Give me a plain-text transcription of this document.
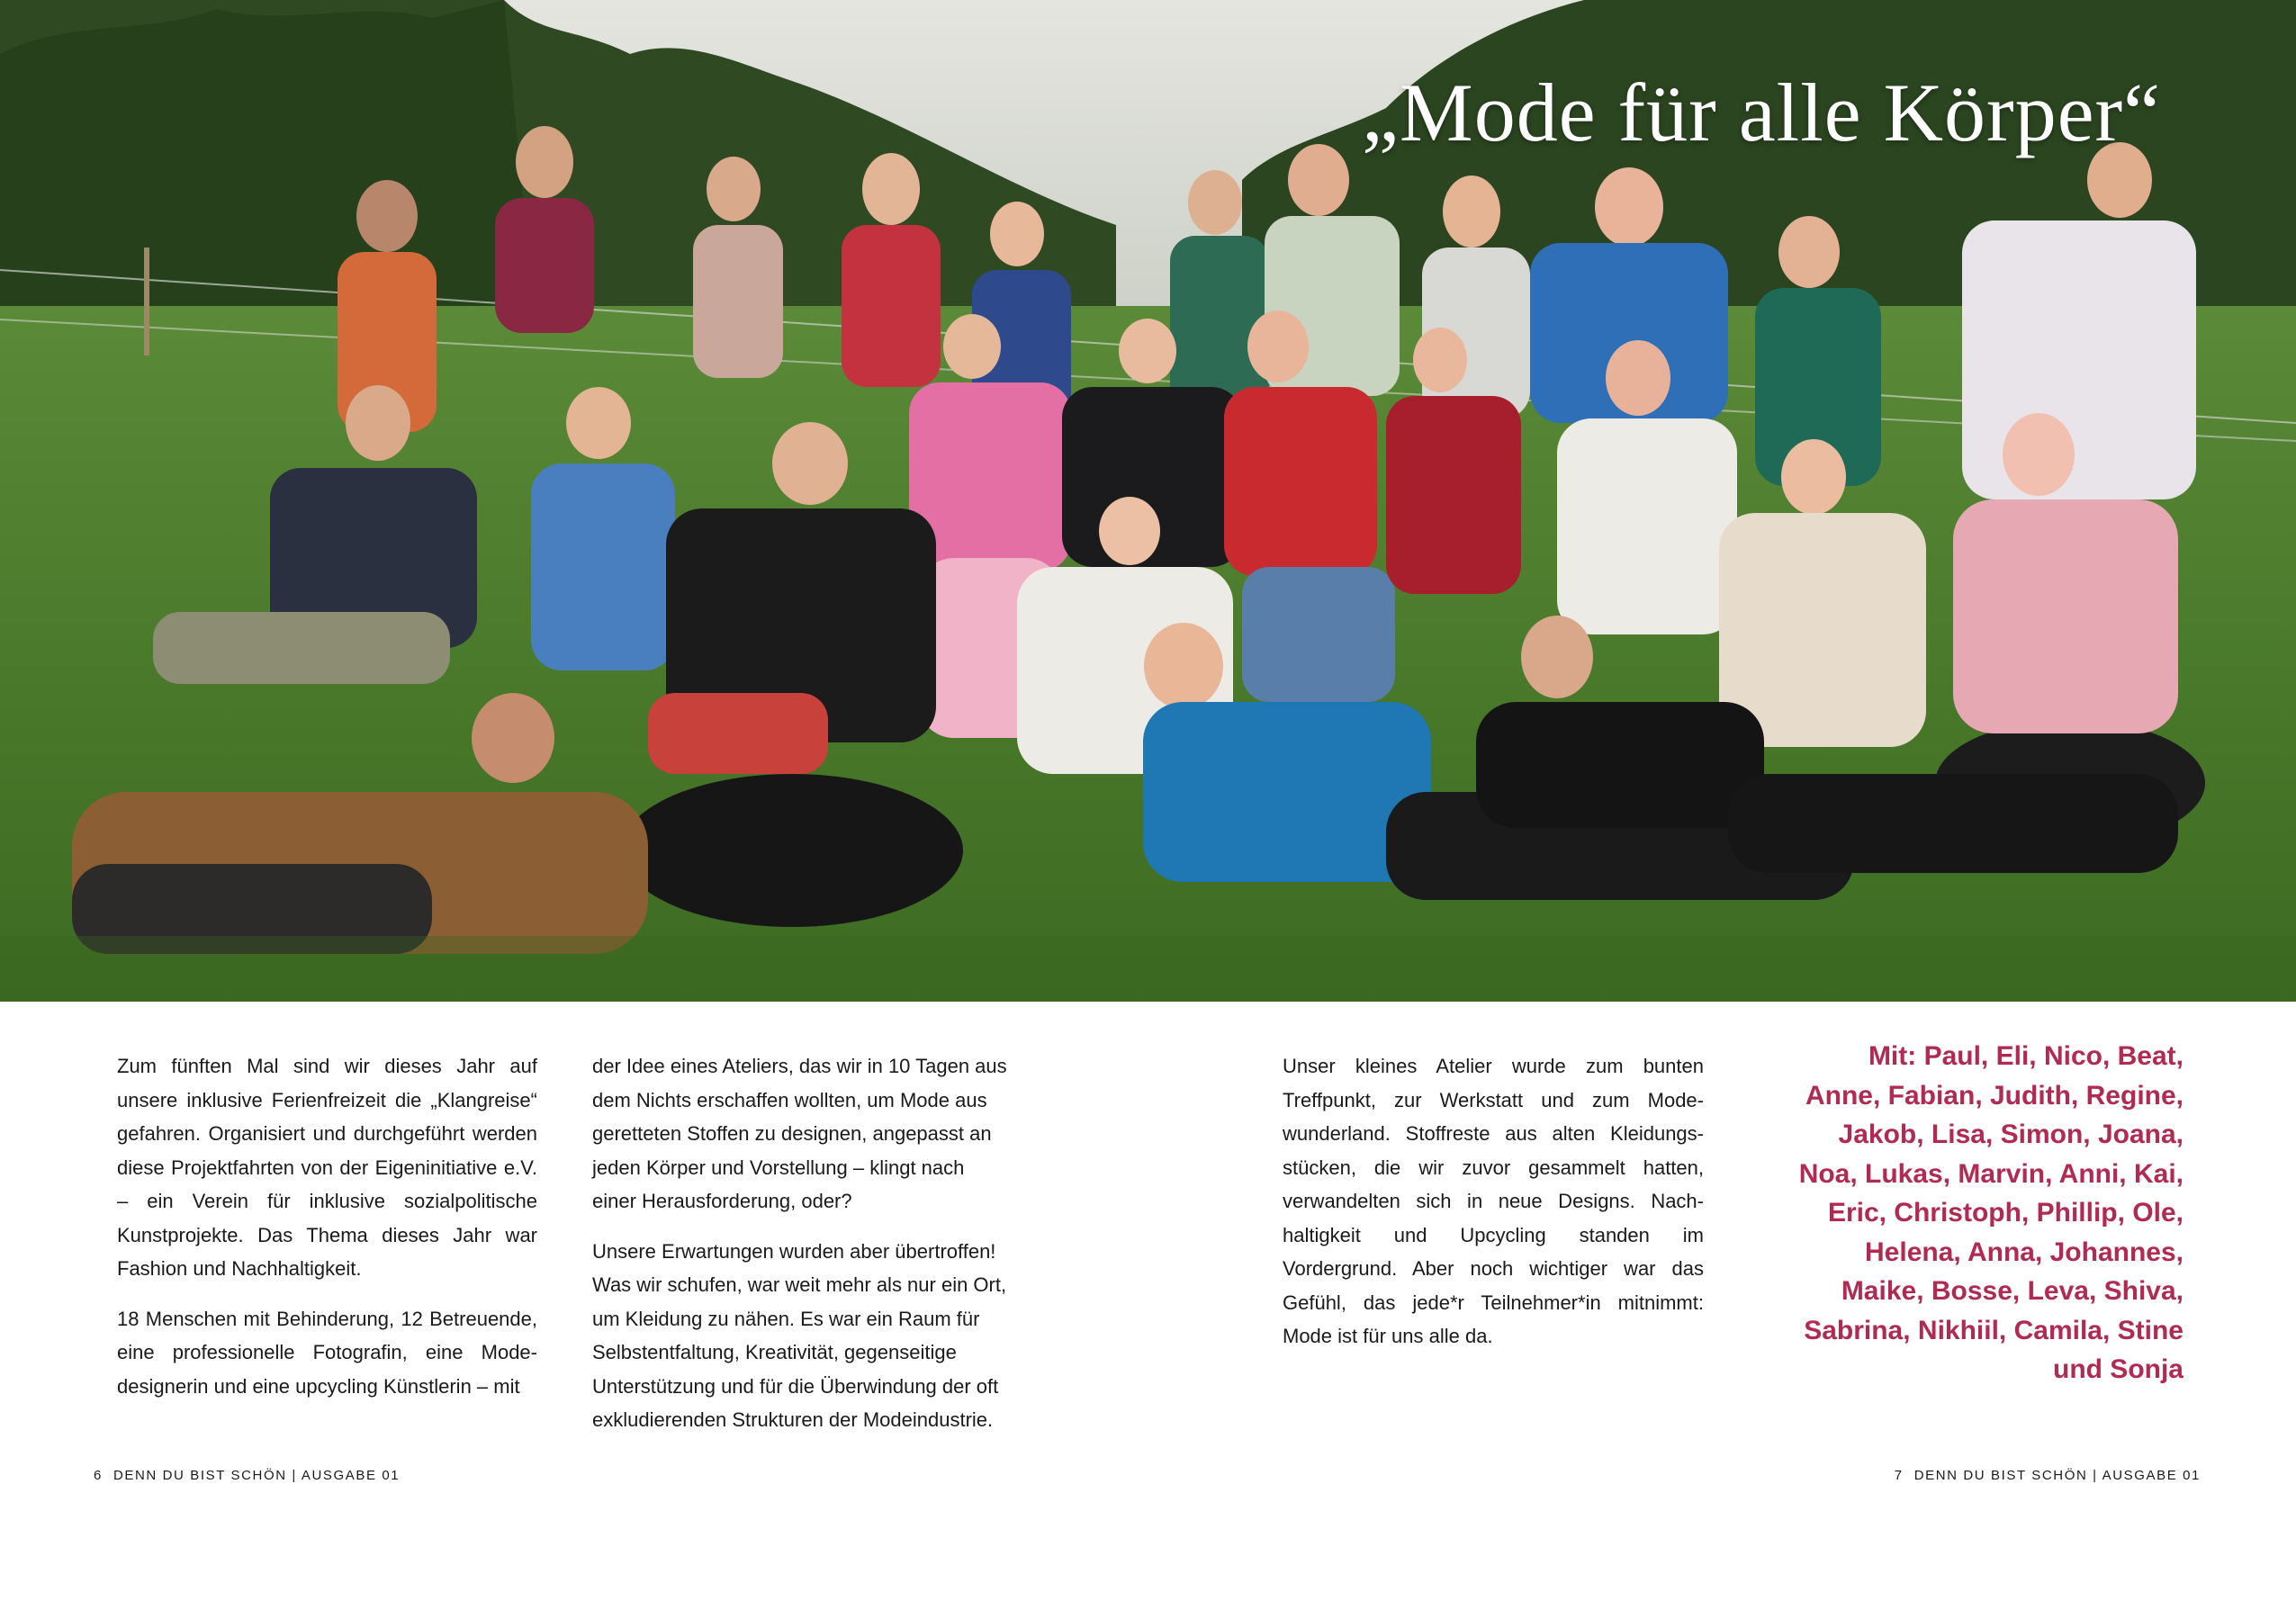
„Mode für alle Körper“

Zum fünften Mal sind wir dieses Jahr auf unsere inklusive Ferienfreizeit die „Klangreise“ gefahren. Organisiert und durchgeführt werden diese Projektfahrten von der Eigeninitiative e.V. – ein Verein für inklusive sozialpolitische Kunstprojekte. Das Thema dieses Jahr war Fashion und Nachhaltigkeit.

18 Menschen mit Behinderung, 12 Betreuende, eine professionelle Fotografin, eine Mode-designerin und eine upcycling Künstlerin – mit

der Idee eines Ateliers, das wir in 10 Tagen aus dem Nichts erschaffen wollten, um Mode aus geretteten Stoffen zu designen, angepasst an jeden Körper und Vorstellung – klingt nach einer Herausforderung, oder?

Unsere Erwartungen wurden aber übertroffen! Was wir schufen, war weit mehr als nur ein Ort, um Kleidung zu nähen. Es war ein Raum für Selbstentfaltung, Kreativität, gegenseitige Unterstützung und für die Überwindung der oft exkludierenden Strukturen der Modeindustrie.

Unser kleines Atelier wurde zum bunten Treffpunkt, zur Werkstatt und zum Mode-wunderland. Stoffreste aus alten Kleidungs-stücken, die wir zuvor gesammelt hatten, verwandelten sich in neue Designs. Nach-haltigkeit und Upcycling standen im Vordergrund. Aber noch wichtiger war das Gefühl, das jede*r Teilnehmer*in mitnimmt: Mode ist für uns alle da.

Mit: Paul, Eli, Nico, Beat, Anne, Fabian, Judith, Regine, Jakob, Lisa, Simon, Joana, Noa, Lukas, Marvin, Anni, Kai, Eric, Christoph, Phillip, Ole, Helena, Anna, Johannes, Maike, Bosse, Leva, Shiva, Sabrina, Nikhiil, Camila, Stine und Sonja
6 DENN DU BIST SCHÖN | AUSGABE 01	7 DENN DU BIST SCHÖN | AUSGABE 01
